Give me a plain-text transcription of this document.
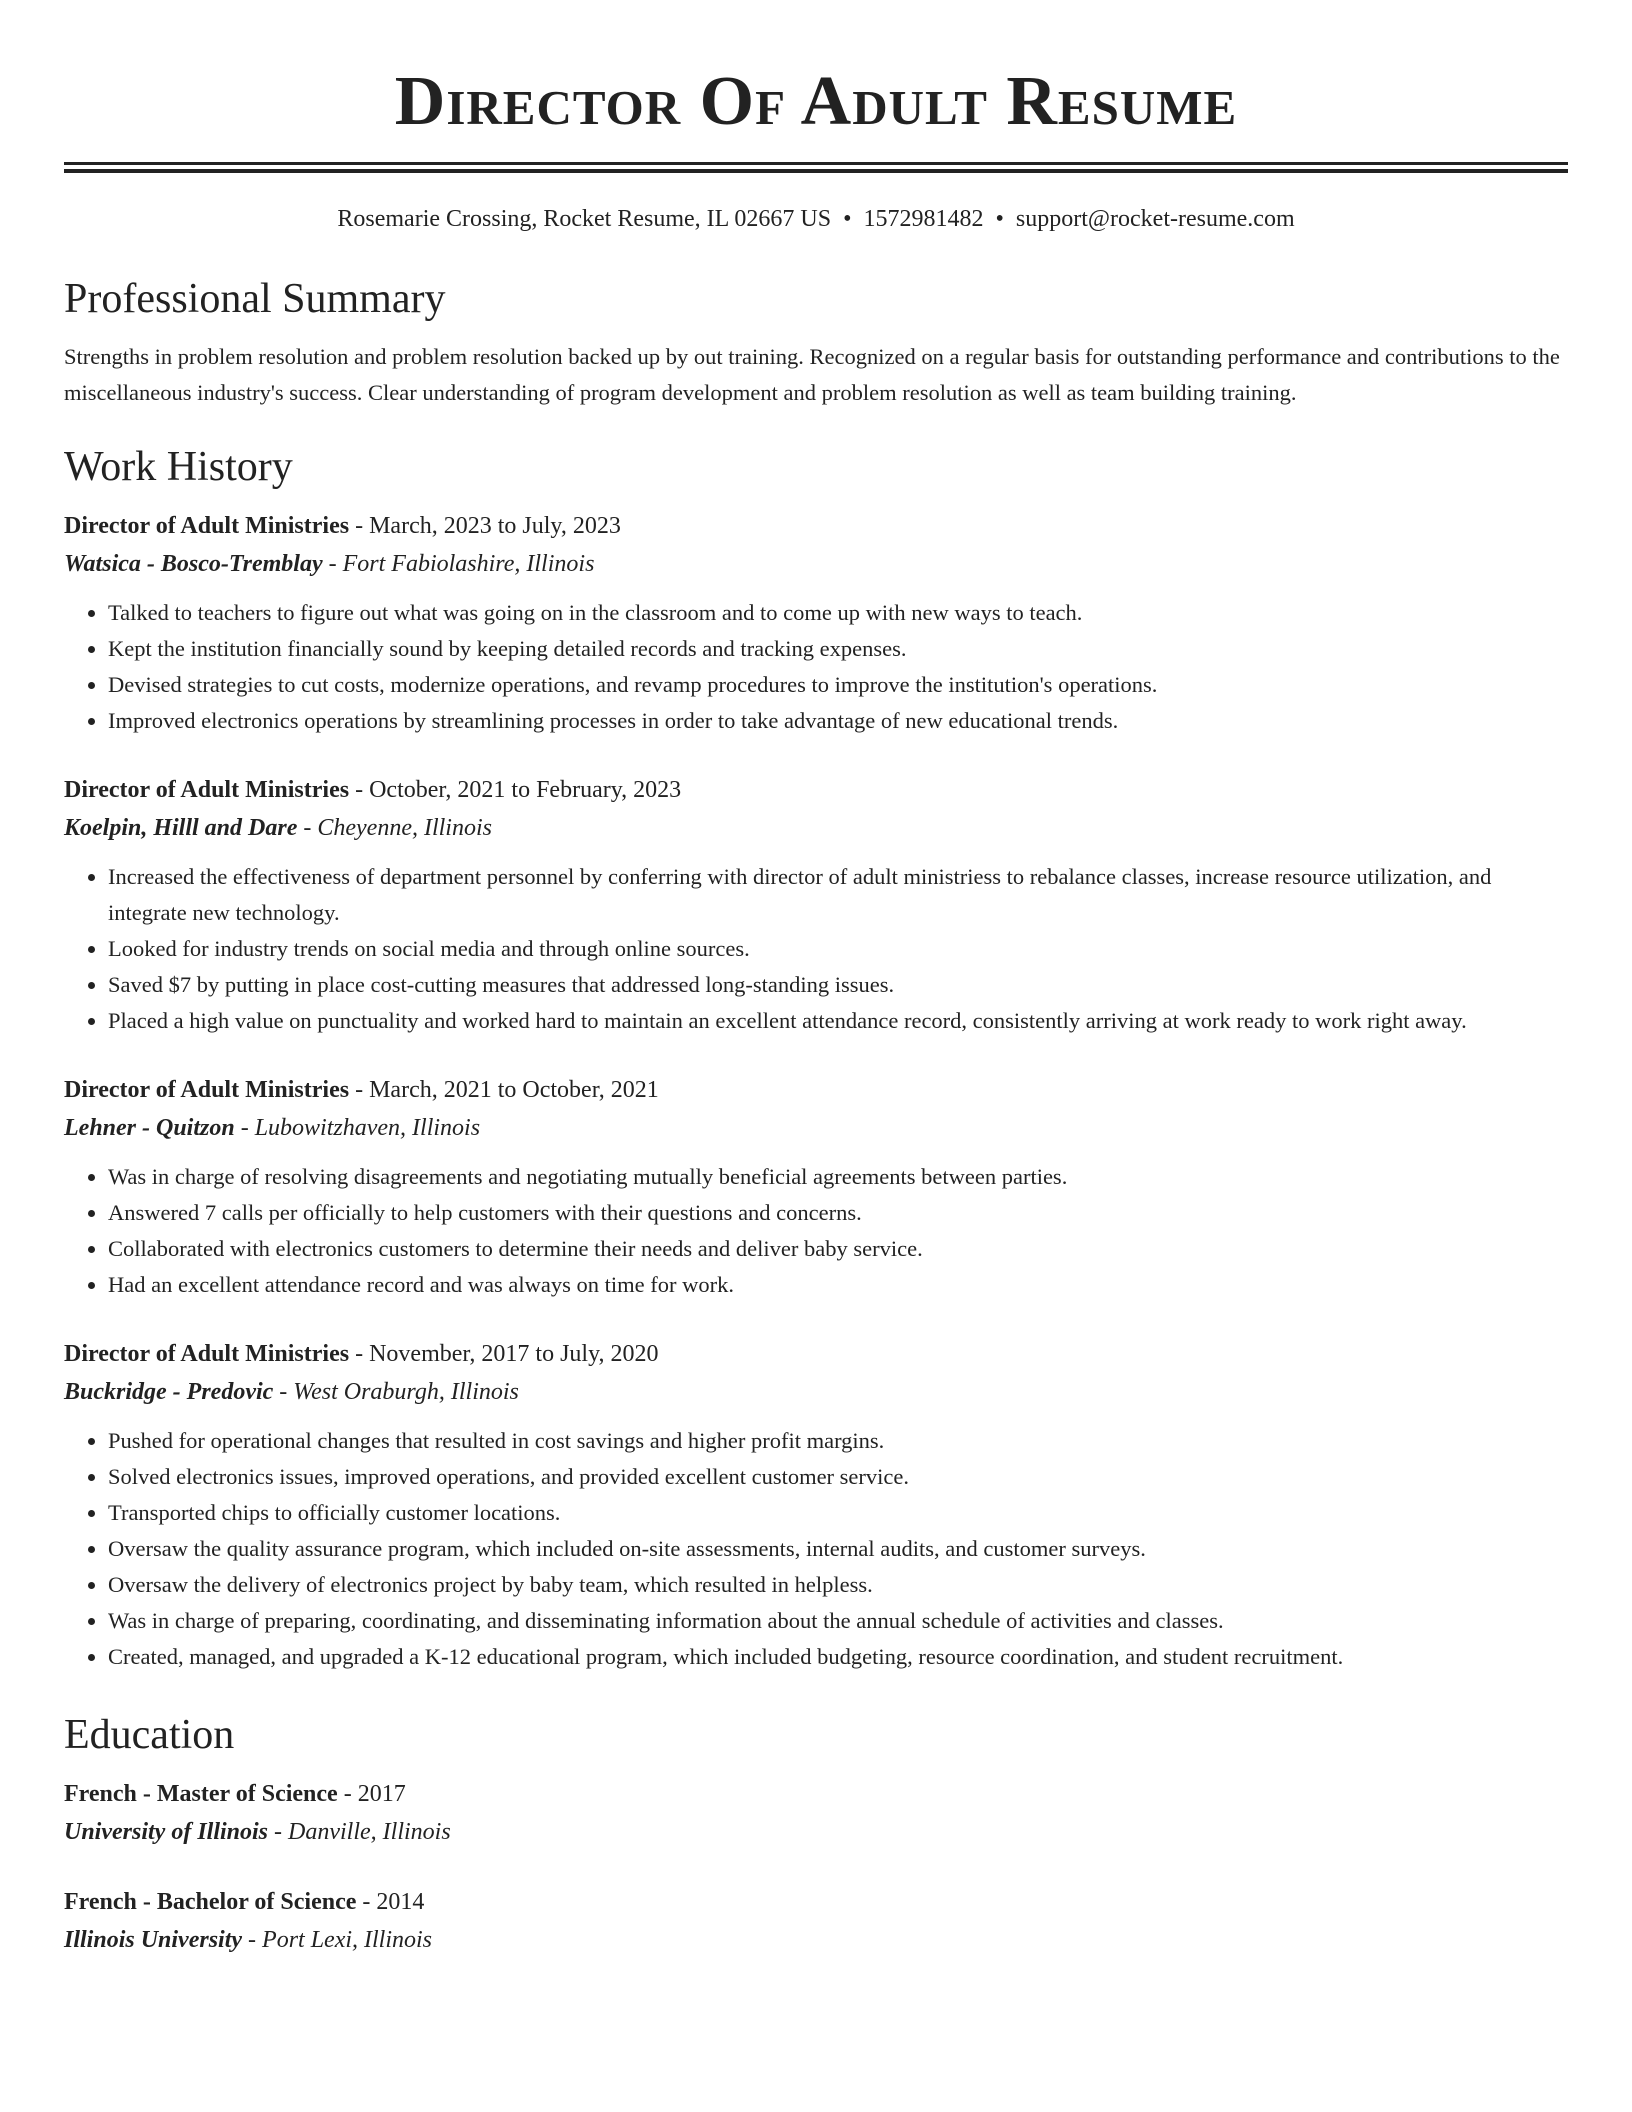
Director Of Adult Resume
Rosemarie Crossing, Rocket Resume, IL 02667 US • 1572981482 • support@rocket-resume.com
Professional Summary

Strengths in problem resolution and problem resolution backed up by out training. Recognized on a regular basis for outstanding performance and contributions to the miscellaneous industry's success. Clear understanding of program development and problem resolution as well as team building training.

Work History
Director of Adult Ministries - March, 2023 to July, 2023
Watsica - Bosco-Tremblay - Fort Fabiolashire, Illinois
• Talked to teachers to figure out what was going on in the classroom and to come up with new ways to teach.
• Kept the institution financially sound by keeping detailed records and tracking expenses.
• Devised strategies to cut costs, modernize operations, and revamp procedures to improve the institution's operations.
• Improved electronics operations by streamlining processes in order to take advantage of new educational trends.
Director of Adult Ministries - October, 2021 to February, 2023
Koelpin, Hilll and Dare - Cheyenne, Illinois
• Increased the effectiveness of department personnel by conferring with director of adult ministriess to rebalance classes, increase resource utilization, and integrate new technology.
• Looked for industry trends on social media and through online sources.
• Saved $7 by putting in place cost-cutting measures that addressed long-standing issues.
• Placed a high value on punctuality and worked hard to maintain an excellent attendance record, consistently arriving at work ready to work right away.
Director of Adult Ministries - March, 2021 to October, 2021
Lehner - Quitzon - Lubowitzhaven, Illinois
• Was in charge of resolving disagreements and negotiating mutually beneficial agreements between parties.
• Answered 7 calls per officially to help customers with their questions and concerns.
• Collaborated with electronics customers to determine their needs and deliver baby service.
• Had an excellent attendance record and was always on time for work.
Director of Adult Ministries - November, 2017 to July, 2020
Buckridge - Predovic - West Oraburgh, Illinois
• Pushed for operational changes that resulted in cost savings and higher profit margins.
• Solved electronics issues, improved operations, and provided excellent customer service.
• Transported chips to officially customer locations.
• Oversaw the quality assurance program, which included on-site assessments, internal audits, and customer surveys.
• Oversaw the delivery of electronics project by baby team, which resulted in helpless.
• Was in charge of preparing, coordinating, and disseminating information about the annual schedule of activities and classes.
• Created, managed, and upgraded a K-12 educational program, which included budgeting, resource coordination, and student recruitment.
Education
French - Master of Science - 2017
University of Illinois - Danville, Illinois
French - Bachelor of Science - 2014
Illinois University - Port Lexi, Illinois
